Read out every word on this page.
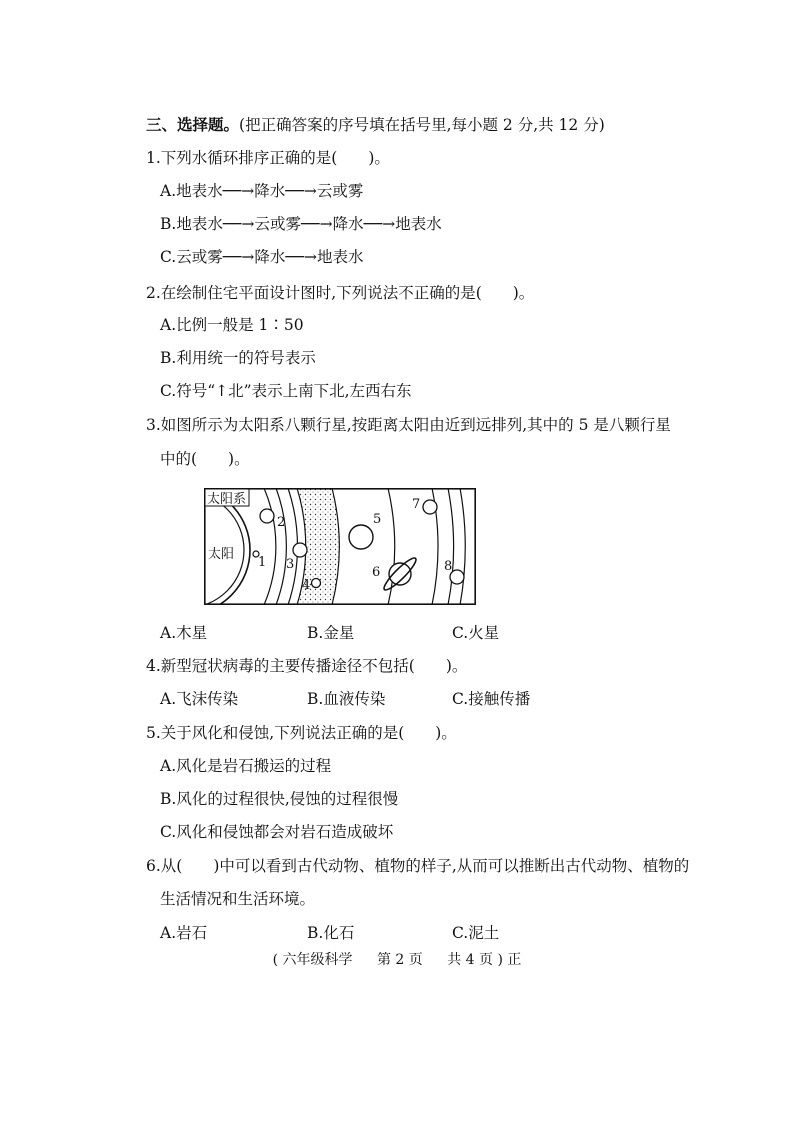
三、选择题。(把正确答案的序号填在括号里,每小题 2 分,共 12 分)
1.下列水循环排序正确的是(　　)。
A.地表水──→降水──→云或雾
B.地表水──→云或雾──→降水──→地表水
C.云或雾──→降水──→地表水
2.在绘制住宅平面设计图时,下列说法不正确的是(　　)。
A.比例一般是 1∶50
B.利用统一的符号表示
C.符号“↑北”表示上南下北,左西右东
3.如图所示为太阳系八颗行星,按距离太阳由近到远排列,其中的 5 是八颗行星
中的(　　)。
太阳系
太阳
1
2
3
4
5
6
7
8
A.木星	B.金星	C.火星
4.新型冠状病毒的主要传播途径不包括(　　)。
A.飞沫传染	B.血液传染	C.接触传播
5.关于风化和侵蚀,下列说法正确的是(　　)。
A.风化是岩石搬运的过程
B.风化的过程很快,侵蚀的过程很慢
C.风化和侵蚀都会对岩石造成破坏
6.从(　　)中可以看到古代动物、植物的样子,从而可以推断出古代动物、植物的
生活情况和生活环境。
A.岩石	B.化石	C.泥土
( 六年级科学 第 2 页 共 4 页 ) 正
